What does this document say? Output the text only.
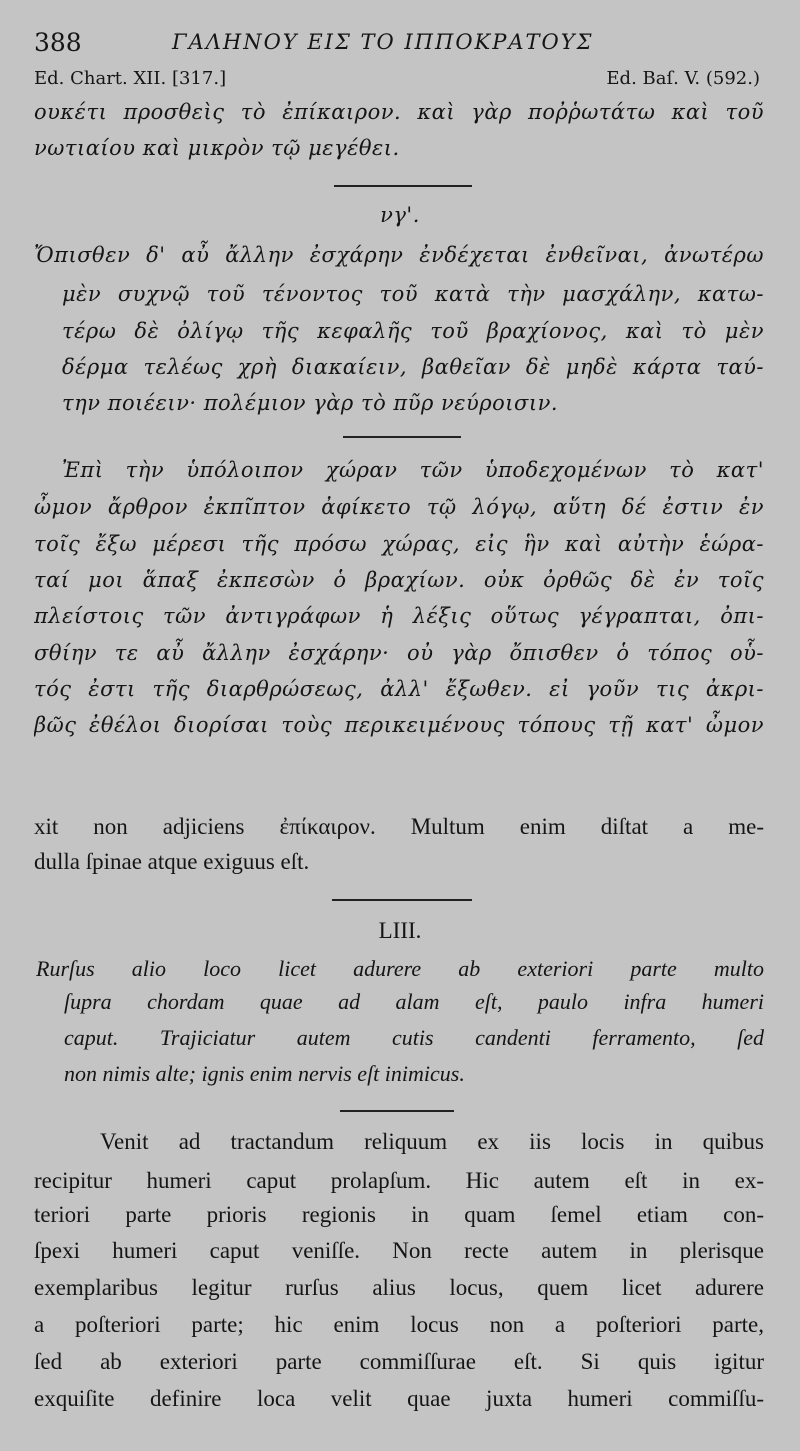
388	ΓΑΛΗΝΟΥ ΕΙΣ ΤΟ ΙΠΠΟΚΡΑΤΟΥΣ
Ed. Chart. XII. [317.]	Ed. Baſ. V. (592.)
ουκέτι προσθεὶς τὸ ἐπίκαιρον. καὶ γὰρ ποῤῥωτάτω καὶ τοῦ
νωτιαίου καὶ μικρὸν τῷ μεγέθει.
νγ'.
Ὄπισθεν δ' αὖ ἄλλην ἐσχάρην ἐνδέχεται ἐνθεῖναι, ἀνωτέρω
μὲν συχνῷ τοῦ τένοντος τοῦ κατὰ τὴν μασχάλην, κατω-
τέρω δὲ ὀλίγῳ τῆς κεφαλῆς τοῦ βραχίονος, καὶ τὸ μὲν
δέρμα τελέως χρὴ διακαίειν, βαθεῖαν δὲ μηδὲ κάρτα ταύ-
την ποιέειν· πολέμιον γὰρ τὸ πῦρ νεύροισιν.
Ἐπὶ τὴν ὑπόλοιπον χώραν τῶν ὑποδεχομένων τὸ κατ'
ὦμον ἄρθρον ἐκπῖπτον ἀφίκετο τῷ λόγῳ, αὕτη δέ ἐστιν ἐν
τοῖς ἔξω μέρεσι τῆς πρόσω χώρας, εἰς ἣν καὶ αὐτὴν ἑώρα-
ταί μοι ἅπαξ ἐκπεσὼν ὁ βραχίων. οὐκ ὀρθῶς δὲ ἐν τοῖς
πλείστοις τῶν ἀντιγράφων ἡ λέξις οὕτως γέγραπται, ὀπι-
σθίην τε αὖ ἄλλην ἐσχάρην· οὐ γὰρ ὄπισθεν ὁ τόπος οὗ-
τός ἐστι τῆς διαρθρώσεως, ἀλλ' ἔξωθεν. εἰ γοῦν τις ἀκρι-
βῶς ἐθέλοι διορίσαι τοὺς περικειμένους τόπους τῇ κατ' ὦμον
xit non adjiciens ἐπίκαιρον. Multum enim diſtat a me-
dulla ſpinae atque exiguus eſt.
LIII.
Rurſus alio loco licet adurere ab exteriori parte multo
ſupra chordam quae ad alam eſt, paulo infra humeri
caput. Trajiciatur autem cutis candenti ferramento, ſed
non nimis alte; ignis enim nervis eſt inimicus.
Venit ad tractandum reliquum ex iis locis in quibus
recipitur humeri caput prolapſum. Hic autem eſt in ex-
teriori parte prioris regionis in quam ſemel etiam con-
ſpexi humeri caput veniſſe. Non recte autem in plerisque
exemplaribus legitur rurſus alius locus, quem licet adurere
a poſteriori parte; hic enim locus non a poſteriori parte,
ſed ab exteriori parte commiſſurae eſt. Si quis igitur
exquiſite definire loca velit quae juxta humeri commiſſu-
